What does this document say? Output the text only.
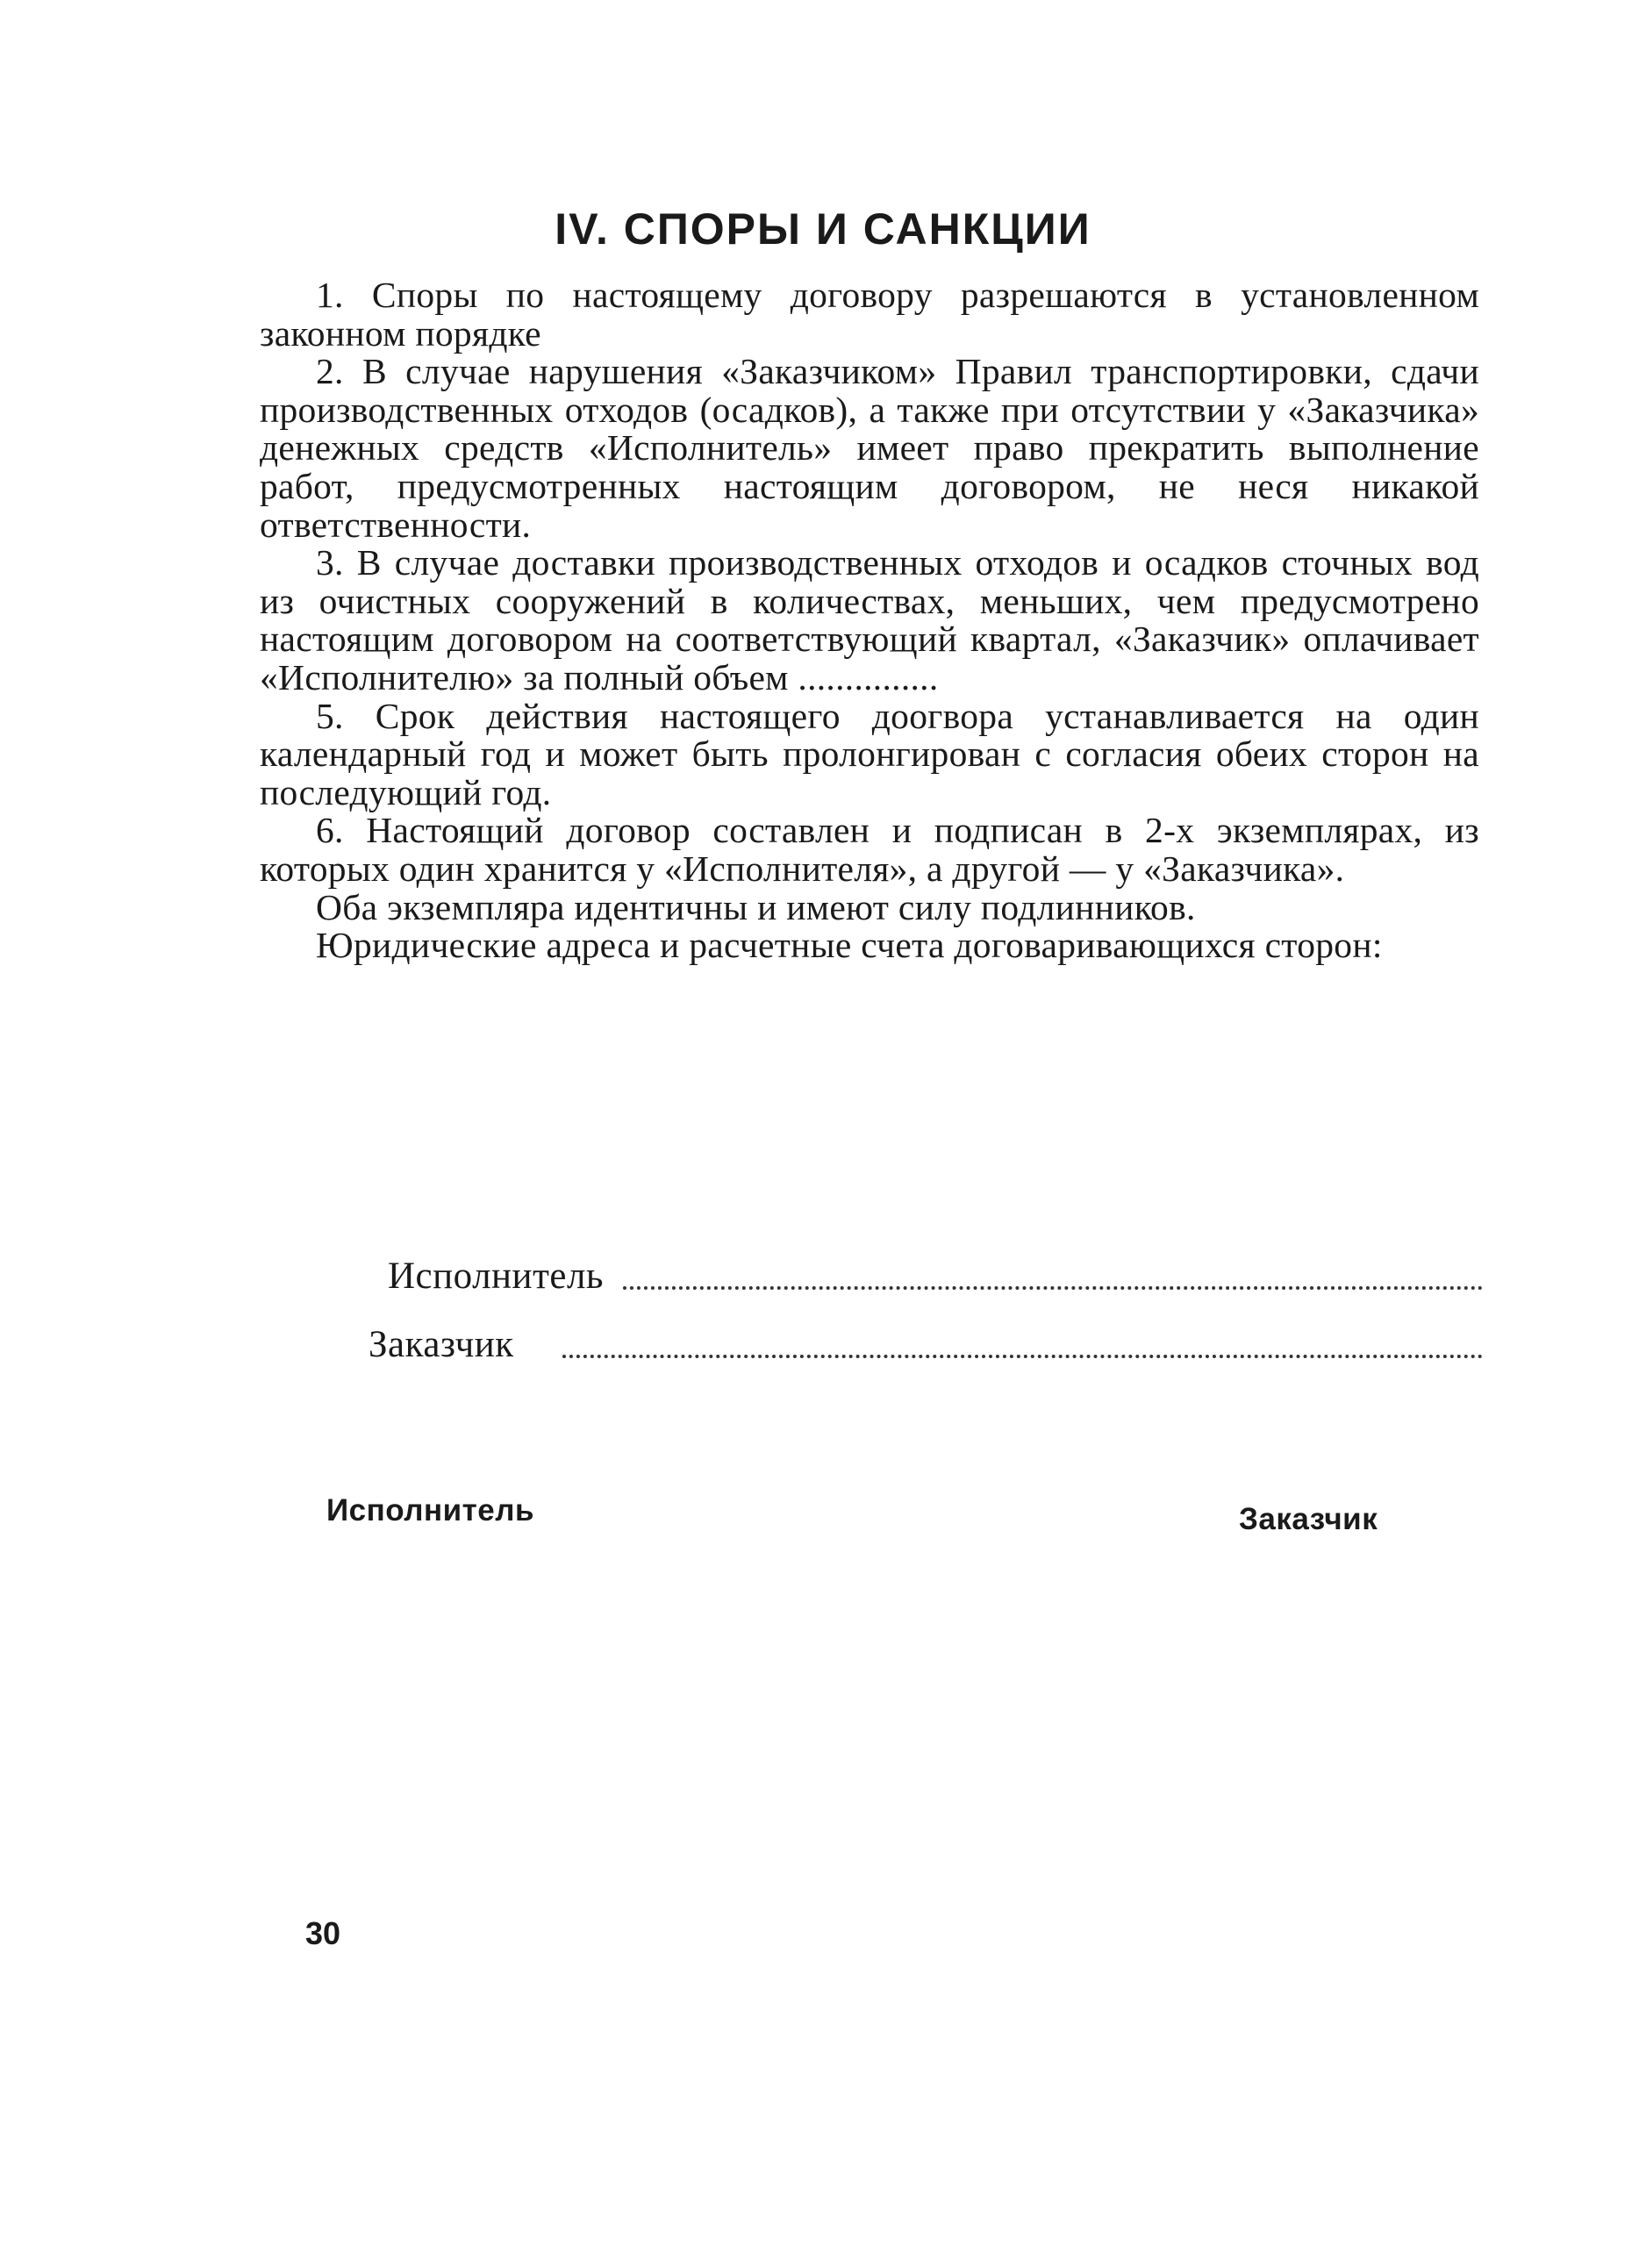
IV. СПОРЫ И САНКЦИИ

1. Споры по настоящему договору разрешаются в установленном законном порядке

2. В случае нарушения «Заказчиком» Правил транспортировки, сдачи производственных отходов (осадков), а также при отсутствии у «Заказчика» денежных средств «Исполнитель» имеет право прекратить выполнение работ, предусмотренных настоящим договором, не неся никакой ответственности.

3. В случае доставки производственных отходов и осадков сточных вод из очистных сооружений в количествах, меньших, чем предусмотрено настоящим договором на соответствующий квартал, «Заказчик» оплачивает «Исполнителю» за полный объем ...............

5. Срок действия настоящего доогвора устанавливается на один календарный год и может быть пролонгирован с согласия обеих сторон на последующий год.

6. Настоящий договор составлен и подписан в 2-х экземплярах, из которых один хранится у «Исполнителя», а другой — у «Заказчика».

Оба экземпляра идентичны и имеют силу подлинников.

Юридические адреса и расчетные счета договаривающихся сторон:

Исполнитель
Заказчик
Исполнитель	Заказчик
30
